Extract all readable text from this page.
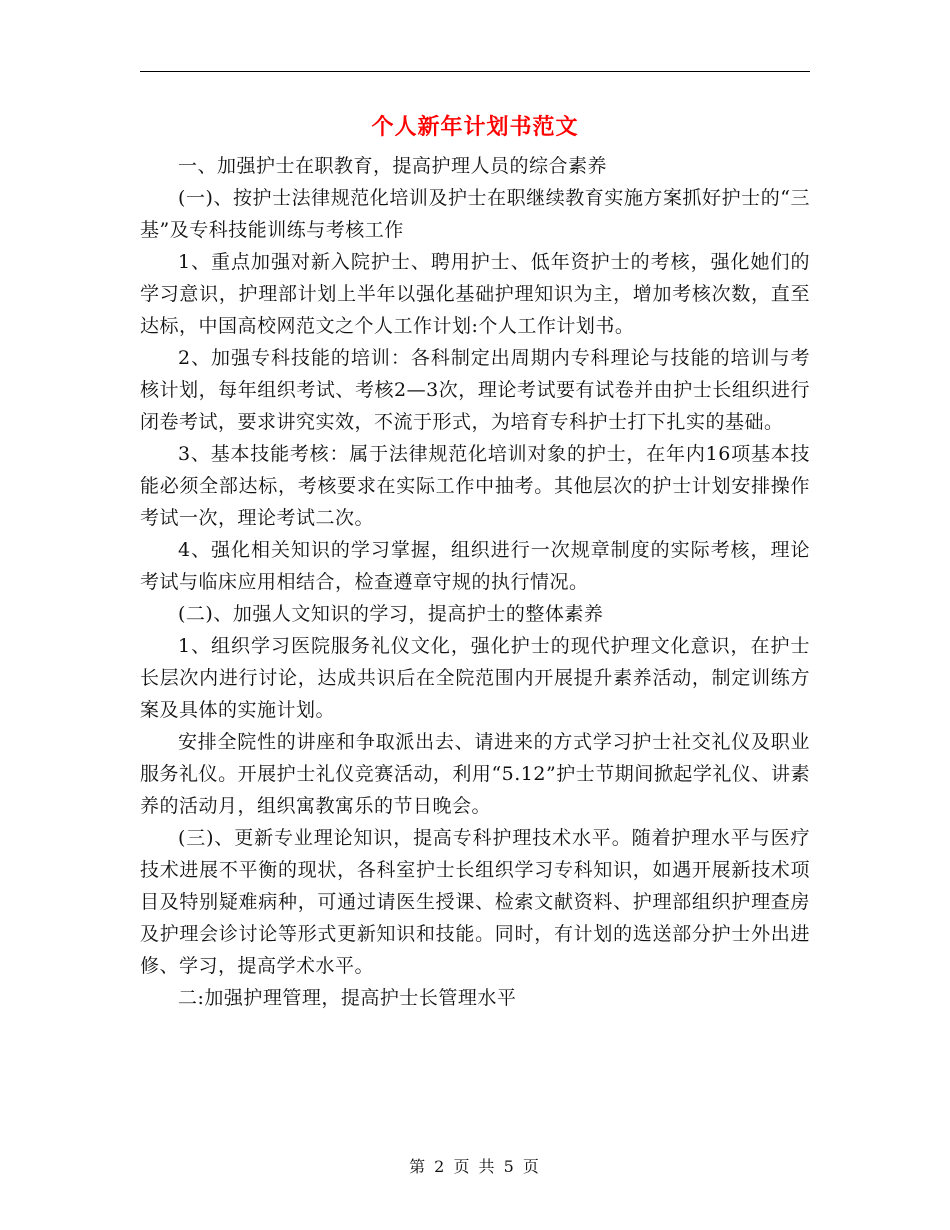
个人新年计划书范文

一、加强护士在职教育，提高护理人员的综合素养

(一)、按护士法律规范化培训及护士在职继续教育实施方案抓好护士的“三基”及专科技能训练与考核工作

1、重点加强对新入院护士、聘用护士、低年资护士的考核，强化她们的学习意识，护理部计划上半年以强化基础护理知识为主，增加考核次数，直至达标，中国高校网范文之个人工作计划:个人工作计划书。

2、加强专科技能的培训：各科制定出周期内专科理论与技能的培训与考核计划，每年组织考试、考核2—3次，理论考试要有试卷并由护士长组织进行闭卷考试，要求讲究实效，不流于形式，为培育专科护士打下扎实的基础。

3、基本技能考核：属于法律规范化培训对象的护士，在年内16项基本技能必须全部达标，考核要求在实际工作中抽考。其他层次的护士计划安排操作考试一次，理论考试二次。

4、强化相关知识的学习掌握，组织进行一次规章制度的实际考核，理论考试与临床应用相结合，检查遵章守规的执行情况。

(二)、加强人文知识的学习，提高护士的整体素养

1、组织学习医院服务礼仪文化，强化护士的现代护理文化意识，在护士长层次内进行讨论，达成共识后在全院范围内开展提升素养活动，制定训练方案及具体的实施计划。

安排全院性的讲座和争取派出去、请进来的方式学习护士社交礼仪及职业服务礼仪。开展护士礼仪竞赛活动，利用“5.12”护士节期间掀起学礼仪、讲素养的活动月，组织寓教寓乐的节日晚会。

(三)、更新专业理论知识，提高专科护理技术水平。随着护理水平与医疗技术进展不平衡的现状，各科室护士长组织学习专科知识，如遇开展新技术项目及特别疑难病种，可通过请医生授课、检索文献资料、护理部组织护理查房及护理会诊讨论等形式更新知识和技能。同时，有计划的选送部分护士外出进修、学习，提高学术水平。

二:加强护理管理，提高护士长管理水平

第 2 页 共 5 页
